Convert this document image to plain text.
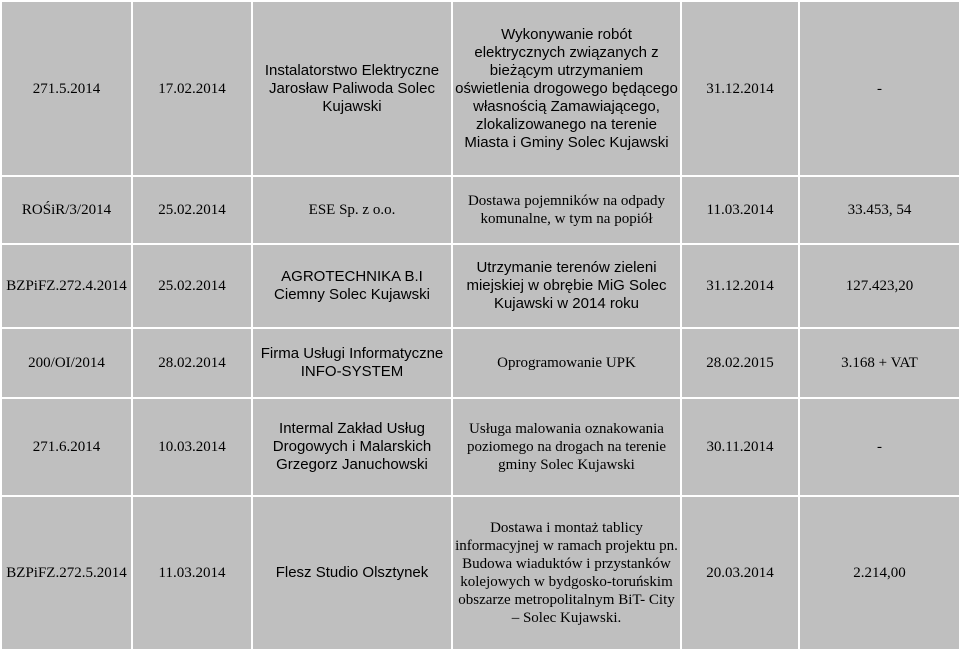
271.5.2014	17.02.2014	Instalatorstwo Elektryczne Jarosław Paliwoda Solec Kujawski	Wykonywanie robót elektrycznych związanych z bieżącym utrzymaniem oświetlenia drogowego będącego własnością Zamawiającego, zlokalizowanego na terenie Miasta i Gminy Solec Kujawski	31.12.2014	-
ROŚiR/3/2014	25.02.2014	ESE Sp. z o.o.	Dostawa pojemników na odpady komunalne, w tym na popiół	11.03.2014	33.453, 54
BZPiFZ.272.4.2014	25.02.2014	AGROTECHNIKA B.I Ciemny Solec Kujawski	Utrzymanie terenów zieleni miejskiej w obrębie MiG Solec Kujawski w 2014 roku	31.12.2014	127.423,20
200/OI/2014	28.02.2014	Firma Usługi Informatyczne INFO-SYSTEM	Oprogramowanie UPK	28.02.2015	3.168 + VAT
271.6.2014	10.03.2014	Intermal Zakład Usług Drogowych i Malarskich Grzegorz Januchowski	Usługa malowania oznakowania poziomego na drogach na terenie gminy Solec Kujawski	30.11.2014	-
BZPiFZ.272.5.2014	11.03.2014	Flesz Studio Olsztynek	Dostawa i montaż tablicy informacyjnej w ramach projektu pn. Budowa wiaduktów i przystanków kolejowych w bydgosko-toruńskim obszarze metropolitalnym BiT- City – Solec Kujawski.	20.03.2014	2.214,00
